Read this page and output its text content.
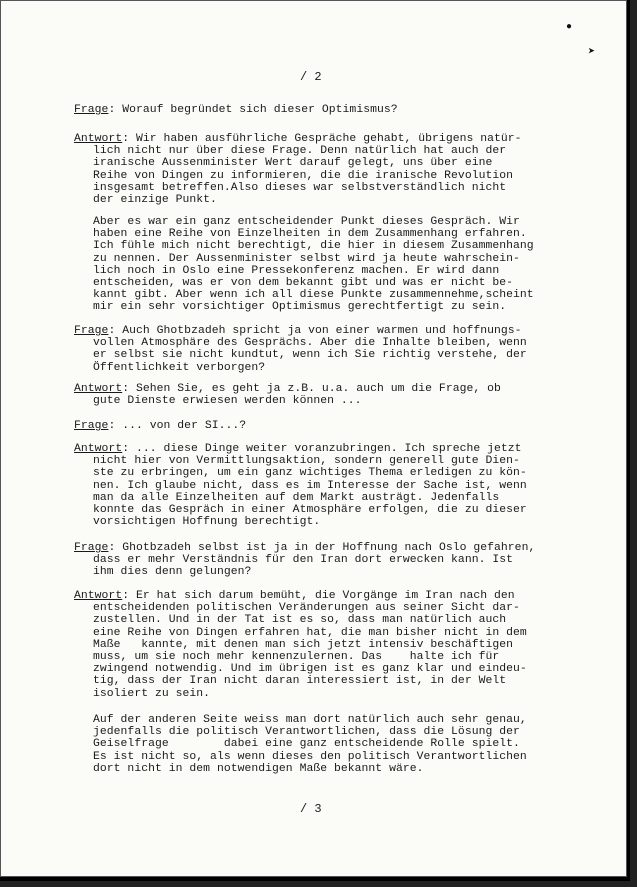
●
➤
/ 2
Frage: Worauf begründet sich dieser Optimismus?
Antwort: Wir haben ausführliche Gespräche gehabt, übrigens natür-
lich nicht nur über diese Frage. Denn natürlich hat auch der
iranische Aussenminister Wert darauf gelegt, uns über eine
Reihe von Dingen zu informieren, die die iranische Revolution
insgesamt betreffen.Also dieses war selbstverständlich nicht
der einzige Punkt.
Aber es war ein ganz entscheidender Punkt dieses Gespräch. Wir
haben eine Reihe von Einzelheiten in dem Zusammenhang erfahren.
Ich fühle mich nicht berechtigt, die hier in diesem Zusammenhang
zu nennen. Der Aussenminister selbst wird ja heute wahrschein-
lich noch in Oslo eine Pressekonferenz machen. Er wird dann
entscheiden, was er von dem bekannt gibt und was er nicht be-
kannt gibt. Aber wenn ich all diese Punkte zusammennehme,scheint
mir ein sehr vorsichtiger Optimismus gerechtfertigt zu sein.
Frage: Auch Ghotbzadeh spricht ja von einer warmen und hoffnungs-
vollen Atmosphäre des Gesprächs. Aber die Inhalte bleiben, wenn
er selbst sie nicht kundtut, wenn ich Sie richtig verstehe, der
Öffentlichkeit verborgen?
Antwort: Sehen Sie, es geht ja z.B. u.a. auch um die Frage, ob
gute Dienste erwiesen werden können ...
Frage: ... von der SI...?
Antwort: ... diese Dinge weiter voranzubringen. Ich spreche jetzt
nicht hier von Vermittlungsaktion, sondern generell gute Dien-
ste zu erbringen, um ein ganz wichtiges Thema erledigen zu kön-
nen. Ich glaube nicht, dass es im Interesse der Sache ist, wenn
man da alle Einzelheiten auf dem Markt austrägt. Jedenfalls
konnte das Gespräch in einer Atmosphäre erfolgen, die zu dieser
vorsichtigen Hoffnung berechtigt.
Frage: Ghotbzadeh selbst ist ja in der Hoffnung nach Oslo gefahren,
dass er mehr Verständnis für den Iran dort erwecken kann. Ist
ihm dies denn gelungen?
Antwort: Er hat sich darum bemüht, die Vorgänge im Iran nach den
entscheidenden politischen Veränderungen aus seiner Sicht dar-
zustellen. Und in der Tat ist es so, dass man natürlich auch
eine Reihe von Dingen erfahren hat, die man bisher nicht in dem
Maße   kannte, mit denen man sich jetzt intensiv beschäftigen
muss, um sie noch mehr kennenzulernen. Das    halte ich für
zwingend notwendig. Und im übrigen ist es ganz klar und eindeu-
tig, dass der Iran nicht daran interessiert ist, in der Welt
isoliert zu sein.
Auf der anderen Seite weiss man dort natürlich auch sehr genau,
jedenfalls die politisch Verantwortlichen, dass die Lösung der
Geiselfrage        dabei eine ganz entscheidende Rolle spielt.
Es ist nicht so, als wenn dieses den politisch Verantwortlichen
dort nicht in dem notwendigen Maße bekannt wäre.
/ 3
